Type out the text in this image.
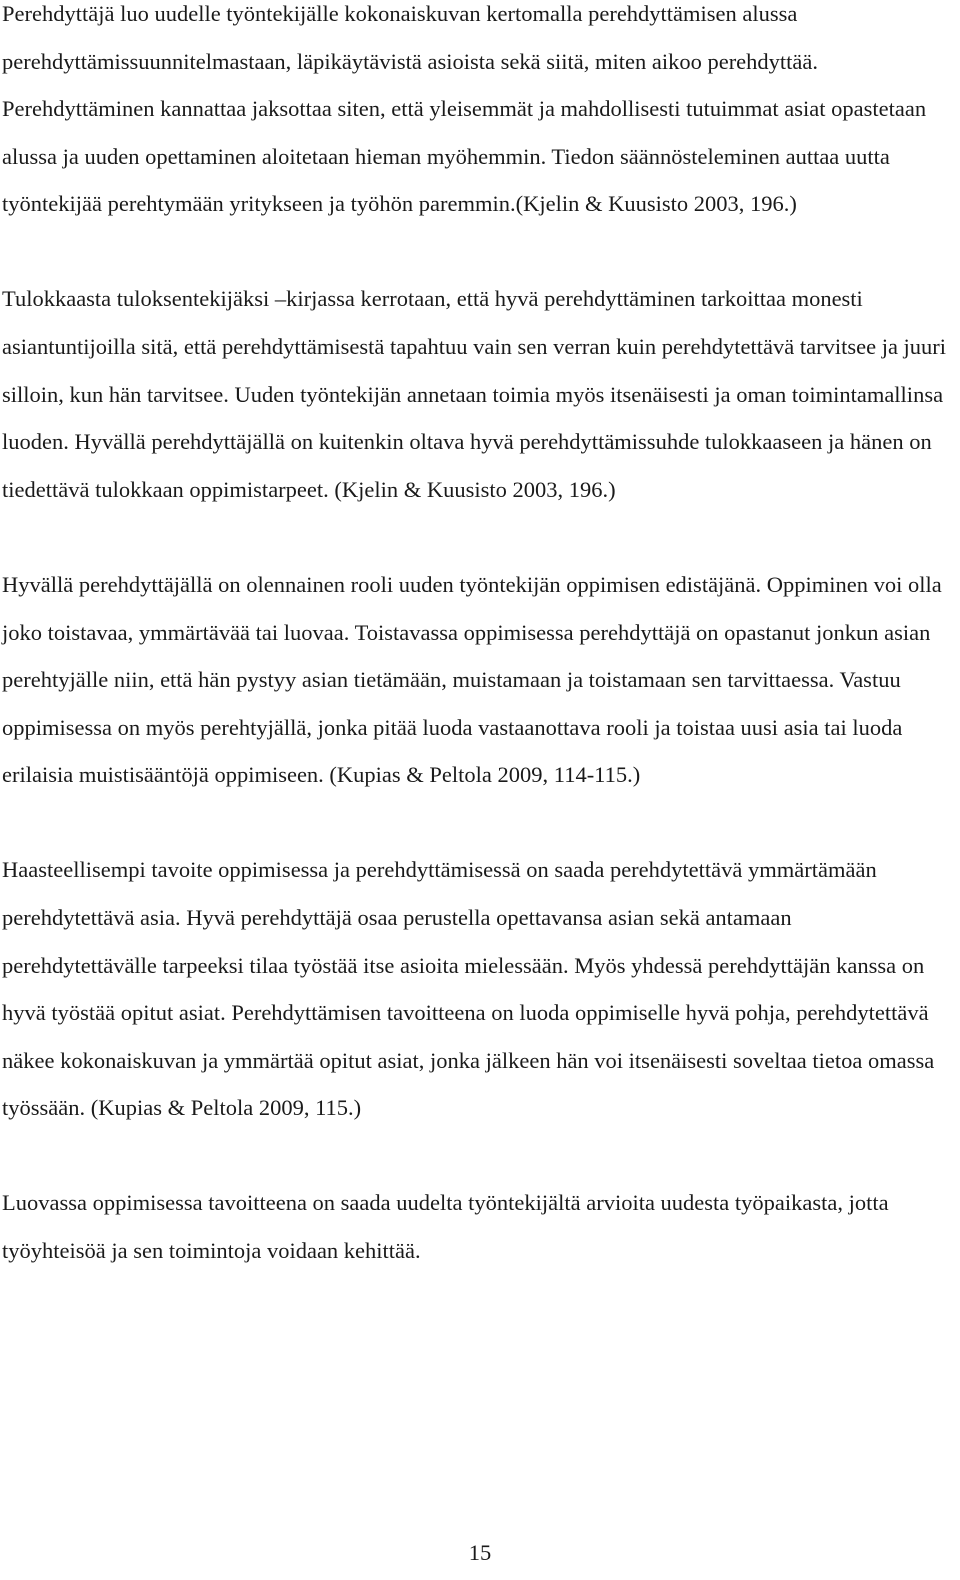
Perehdyttäjä luo uudelle työntekijälle kokonaiskuvan kertomalla perehdyttämisen alussa perehdyttämissuunnitelmastaan, läpikäytävistä asioista sekä siitä, miten aikoo perehdyttää. Perehdyttäminen kannattaa jaksottaa siten, että yleisemmät ja mahdollisesti tutuimmat asiat opastetaan alussa ja uuden opettaminen aloitetaan hieman myöhemmin. Tiedon säännösteleminen auttaa uutta työntekijää perehtymään yritykseen ja työhön paremmin.(Kjelin & Kuusisto 2003, 196.)

Tulokkaasta tuloksentekijäksi –kirjassa kerrotaan, että hyvä perehdyttäminen tarkoittaa monesti asiantuntijoilla sitä, että perehdyttämisestä tapahtuu vain sen verran kuin perehdytettävä tarvitsee ja juuri silloin, kun hän tarvitsee. Uuden työntekijän annetaan toimia myös itsenäisesti ja oman toimintamallinsa luoden. Hyvällä perehdyttäjällä on kuitenkin oltava hyvä perehdyttämissuhde tulokkaaseen ja hänen on tiedettävä tulokkaan oppimistarpeet. (Kjelin & Kuusisto 2003, 196.)

Hyvällä perehdyttäjällä on olennainen rooli uuden työntekijän oppimisen edistäjänä. Oppiminen voi olla joko toistavaa, ymmärtävää tai luovaa. Toistavassa oppimisessa perehdyttäjä on opastanut jonkun asian perehtyjälle niin, että hän pystyy asian tietämään, muistamaan ja toistamaan sen tarvittaessa. Vastuu oppimisessa on myös perehtyjällä, jonka pitää luoda vastaanottava rooli ja toistaa uusi asia tai luoda erilaisia muistisääntöjä oppimiseen. (Kupias & Peltola 2009, 114-115.)

Haasteellisempi tavoite oppimisessa ja perehdyttämisessä on saada perehdytettävä ymmärtämään perehdytettävä asia. Hyvä perehdyttäjä osaa perustella opettavansa asian sekä antamaan perehdytettävälle tarpeeksi tilaa työstää itse asioita mielessään. Myös yhdessä perehdyttäjän kanssa on hyvä työstää opitut asiat. Perehdyttämisen tavoitteena on luoda oppimiselle hyvä pohja, perehdytettävä näkee kokonaiskuvan ja ymmärtää opitut asiat, jonka jälkeen hän voi itsenäisesti soveltaa tietoa omassa työssään. (Kupias & Peltola 2009, 115.)

Luovassa oppimisessa tavoitteena on saada uudelta työntekijältä arvioita uudesta työpaikasta, jotta työyhteisöä ja sen toimintoja voidaan kehittää.

15
